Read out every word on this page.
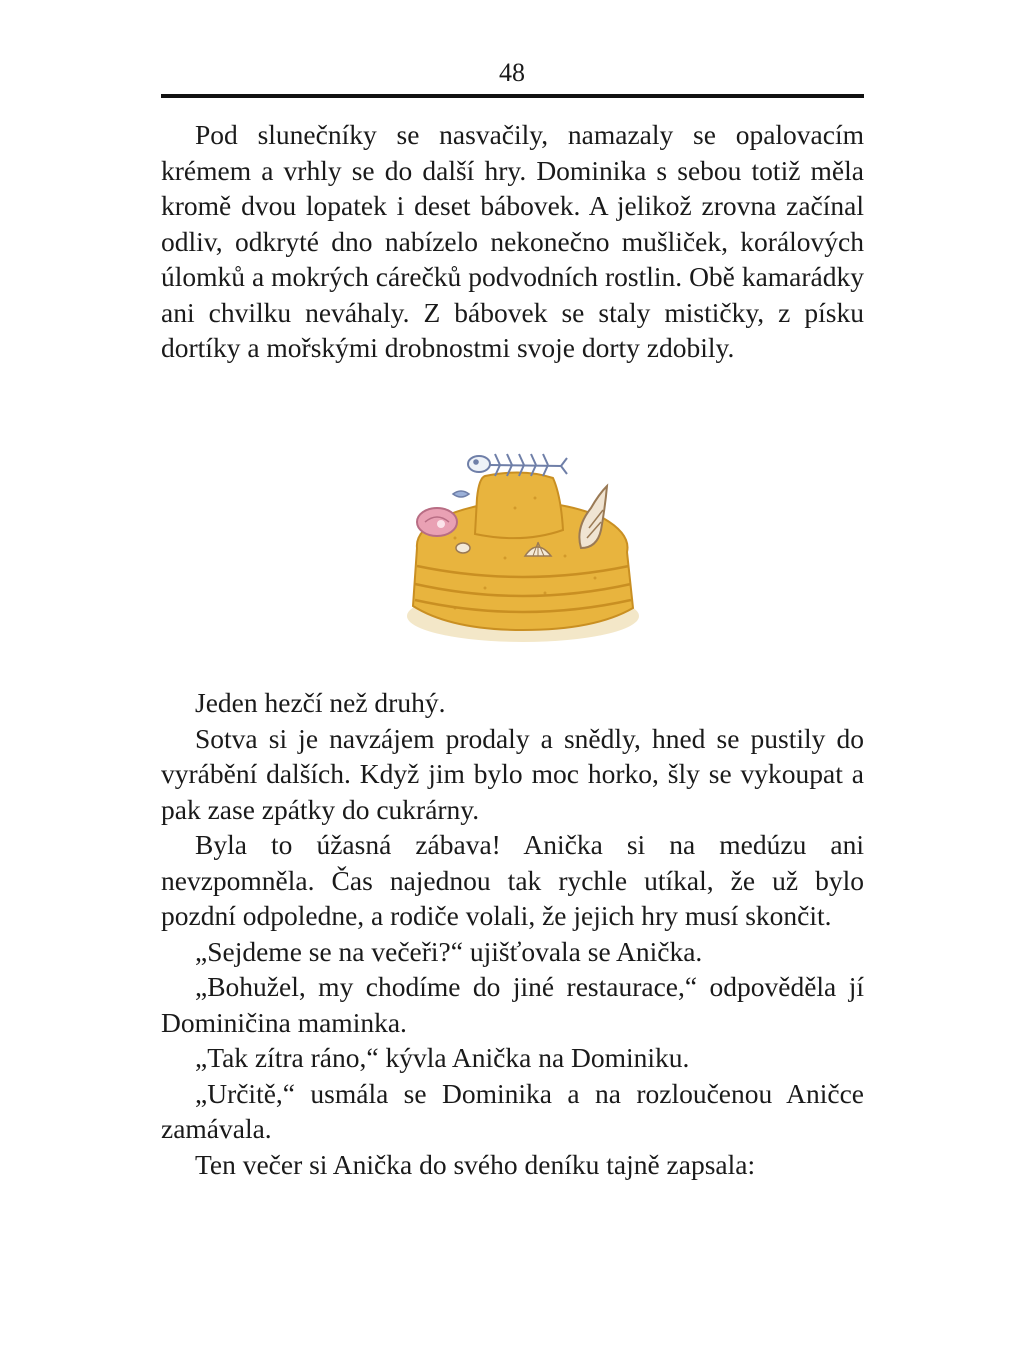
48

Pod slunečníky se nasvačily, namazaly se opalovacím krémem a vrhly se do další hry. Dominika s sebou totiž měla kromě dvou lopatek i deset bábovek. A jelikož zrovna začínal odliv, odkryté dno nabízelo nekonečno mušliček, korálových úlomků a mokrých cárečků podvodních rostlin. Obě kamarádky ani chvilku neváhaly. Z bábovek se staly mističky, z písku dortíky a mořskými drobnostmi svoje dorty zdobily.

Jeden hezčí než druhý.

Sotva si je navzájem prodaly a snědly, hned se pustily do vyrábění dalších. Když jim bylo moc horko, šly se vykoupat a pak zase zpátky do cukrárny.

Byla to úžasná zábava! Anička si na medúzu ani nevzpomněla. Čas najednou tak rychle utíkal, že už bylo pozdní odpoledne, a rodiče volali, že jejich hry musí skončit.

„Sejdeme se na večeři?“ ujišťovala se Anička.

„Bohužel, my chodíme do jiné restaurace,“ odpověděla jí Dominičina maminka.

„Tak zítra ráno,“ kývla Anička na Dominiku.

„Určitě,“ usmála se Dominika a na rozloučenou Aničce zamávala.

Ten večer si Anička do svého deníku tajně zapsala:
